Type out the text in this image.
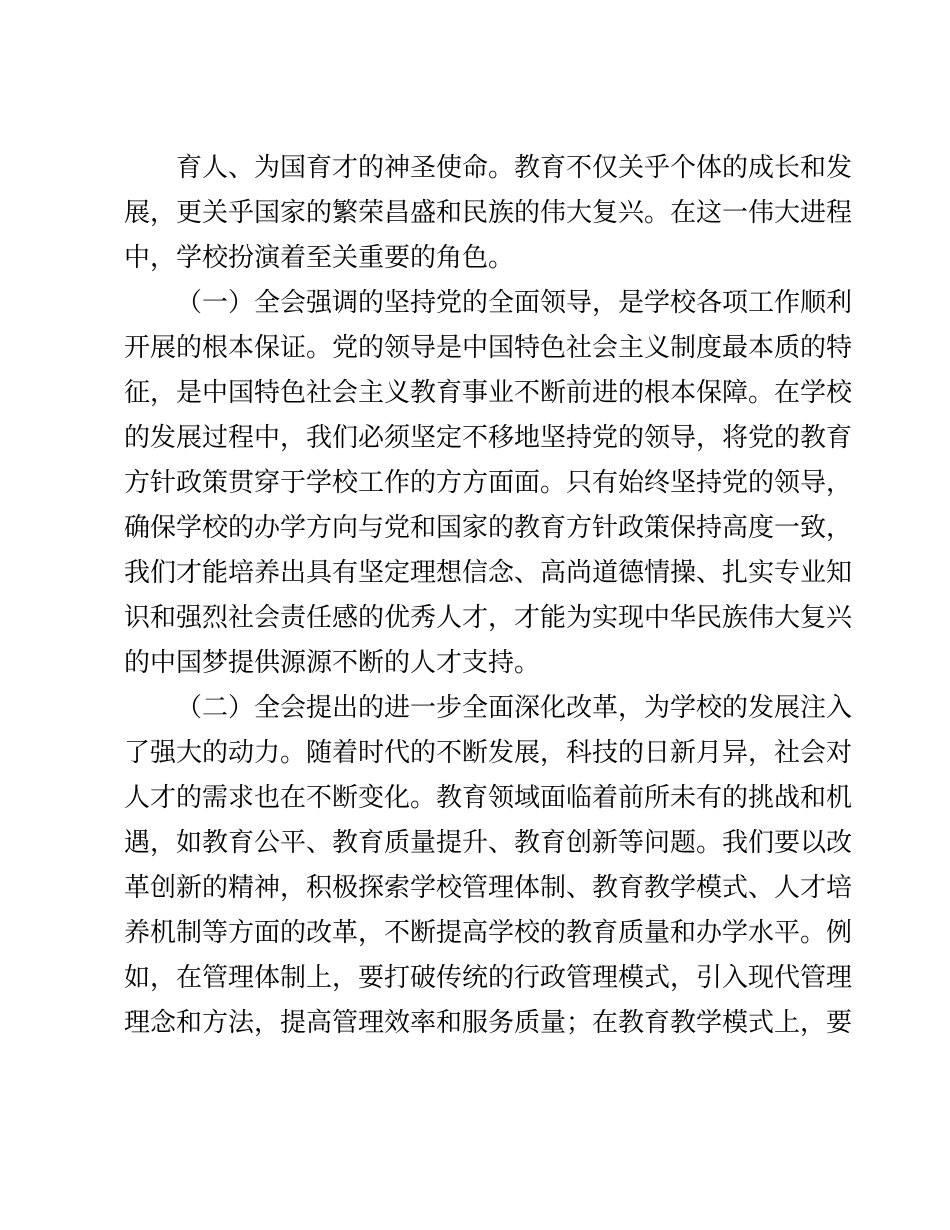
育人、为国育才的神圣使命。教育不仅关乎个体的成长和发
展，更关乎国家的繁荣昌盛和民族的伟大复兴。在这一伟大进程
中，学校扮演着至关重要的角色。
（一）全会强调的坚持党的全面领导，是学校各项工作顺利
开展的根本保证。党的领导是中国特色社会主义制度最本质的特
征，是中国特色社会主义教育事业不断前进的根本保障。在学校
的发展过程中，我们必须坚定不移地坚持党的领导，将党的教育
方针政策贯穿于学校工作的方方面面。只有始终坚持党的领导，
确保学校的办学方向与党和国家的教育方针政策保持高度一致，
我们才能培养出具有坚定理想信念、高尚道德情操、扎实专业知
识和强烈社会责任感的优秀人才，才能为实现中华民族伟大复兴
的中国梦提供源源不断的人才支持。
（二）全会提出的进一步全面深化改革，为学校的发展注入
了强大的动力。随着时代的不断发展，科技的日新月异，社会对
人才的需求也在不断变化。教育领域面临着前所未有的挑战和机
遇，如教育公平、教育质量提升、教育创新等问题。我们要以改
革创新的精神，积极探索学校管理体制、教育教学模式、人才培
养机制等方面的改革，不断提高学校的教育质量和办学水平。例
如，在管理体制上，要打破传统的行政管理模式，引入现代管理
理念和方法，提高管理效率和服务质量；在教育教学模式上，要
